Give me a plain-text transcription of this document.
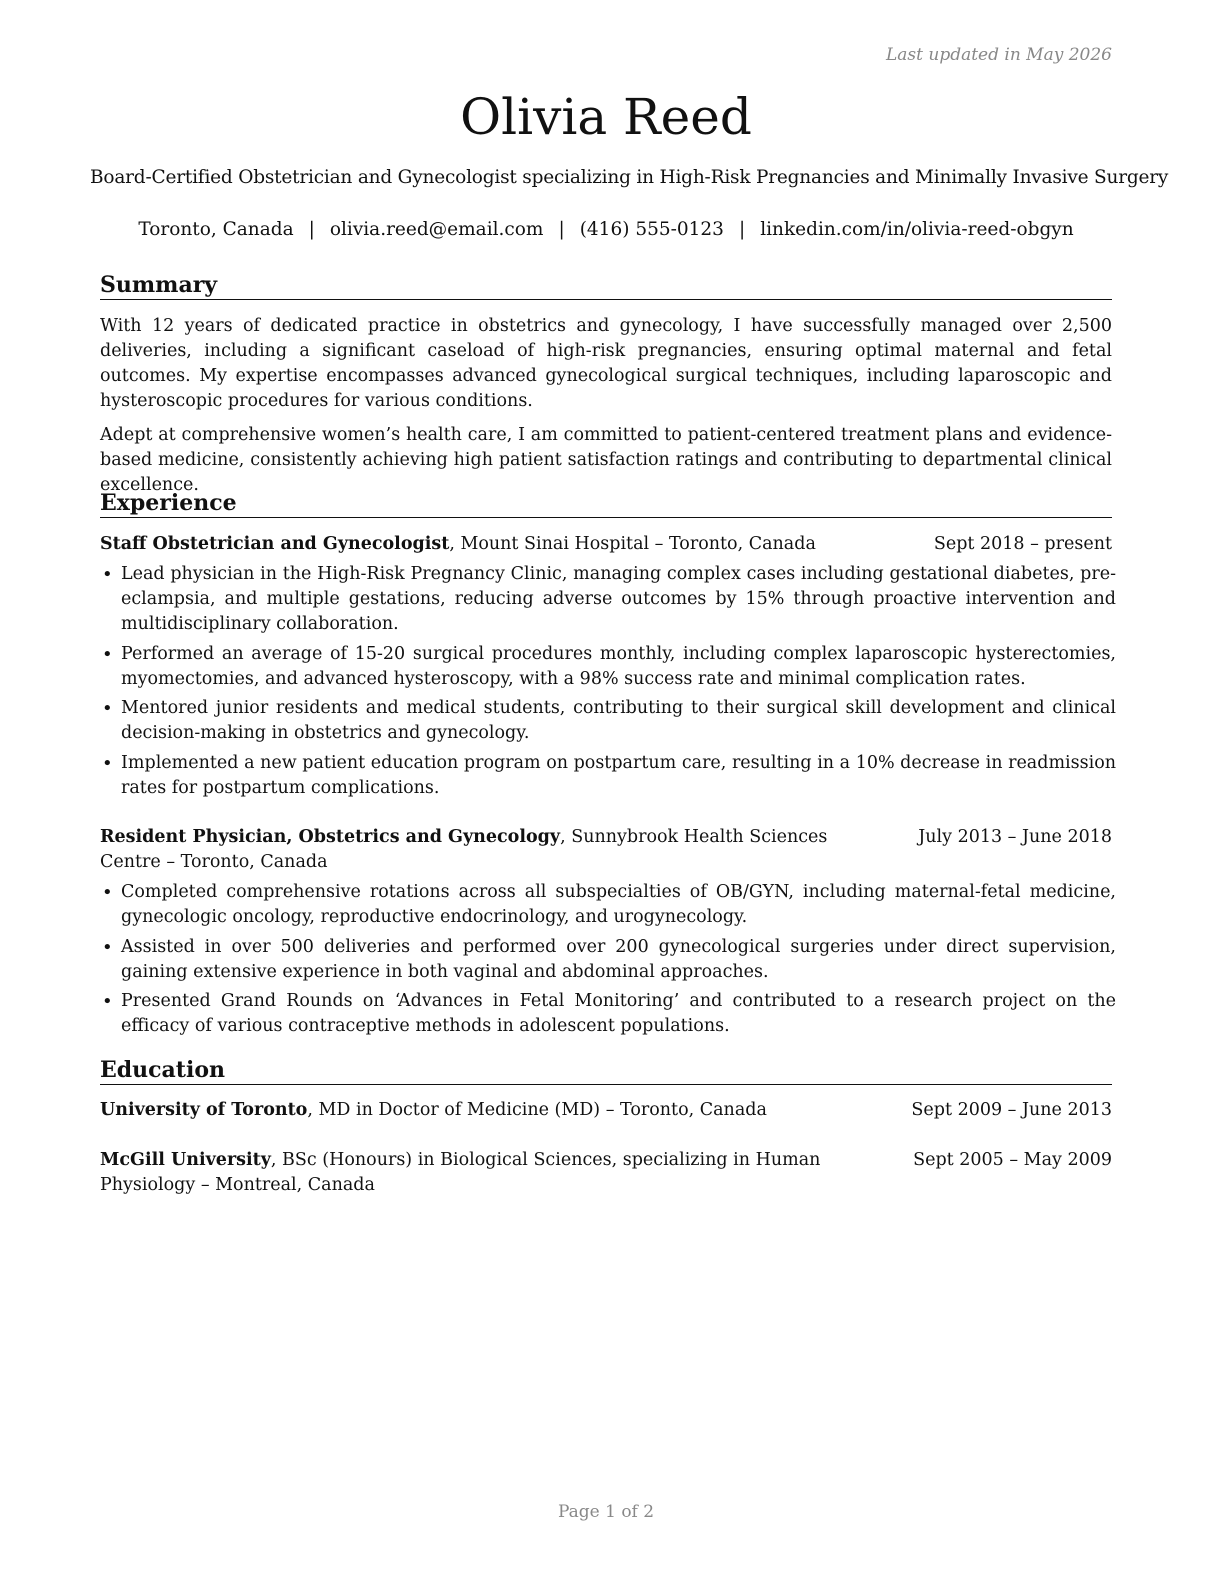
Last updated in May 2026
Olivia Reed
Board-Certified Obstetrician and Gynecologist specializing in High-Risk Pregnancies and Minimally Invasive Surgery
Toronto, Canada | olivia.reed@email.com | (416) 555-0123 | linkedin.com/in/olivia-reed-obgyn
Summary

With 12 years of dedicated practice in obstetrics and gynecology, I have successfully managed over 2,500 deliveries, including a significant caseload of high-risk pregnancies, ensuring optimal maternal and fetal outcomes. My expertise encompasses advanced gynecological surgical techniques, including laparoscopic and hysteroscopic procedures for various conditions.

Adept at comprehensive women’s health care, I am committed to patient-centered treatment plans and evidence-based medicine, consistently achieving high patient satisfaction ratings and contributing to departmental clinical excellence.

Experience
Staff Obstetrician and Gynecologist, Mount Sinai Hospital – Toronto, Canada	Sept 2018 – present
• Lead physician in the High-Risk Pregnancy Clinic, managing complex cases including gestational diabetes, pre-eclampsia, and multiple gestations, reducing adverse outcomes by 15% through proactive intervention and multidisciplinary collaboration.
• Performed an average of 15-20 surgical procedures monthly, including complex laparoscopic hysterectomies, myomectomies, and advanced hysteroscopy, with a 98% success rate and minimal complication rates.
• Mentored junior residents and medical students, contributing to their surgical skill development and clinical decision-making in obstetrics and gynecology.
• Implemented a new patient education program on postpartum care, resulting in a 10% decrease in readmission rates for postpartum complications.
Resident Physician, Obstetrics and Gynecology, Sunnybrook Health Sciences Centre – Toronto, Canada
July 2013 – June 2018
• Completed comprehensive rotations across all subspecialties of OB/GYN, including maternal-fetal medicine, gynecologic oncology, reproductive endocrinology, and urogynecology.
• Assisted in over 500 deliveries and performed over 200 gynecological surgeries under direct supervision, gaining extensive experience in both vaginal and abdominal approaches.
• Presented Grand Rounds on ‘Advances in Fetal Monitoring’ and contributed to a research project on the efficacy of various contraceptive methods in adolescent populations.
Education
University of Toronto, MD in Doctor of Medicine (MD) – Toronto, Canada	Sept 2009 – June 2013
McGill University, BSc (Honours) in Biological Sciences, specializing in Human Physiology – Montreal, Canada
Sept 2005 – May 2009
Page 1 of 2
